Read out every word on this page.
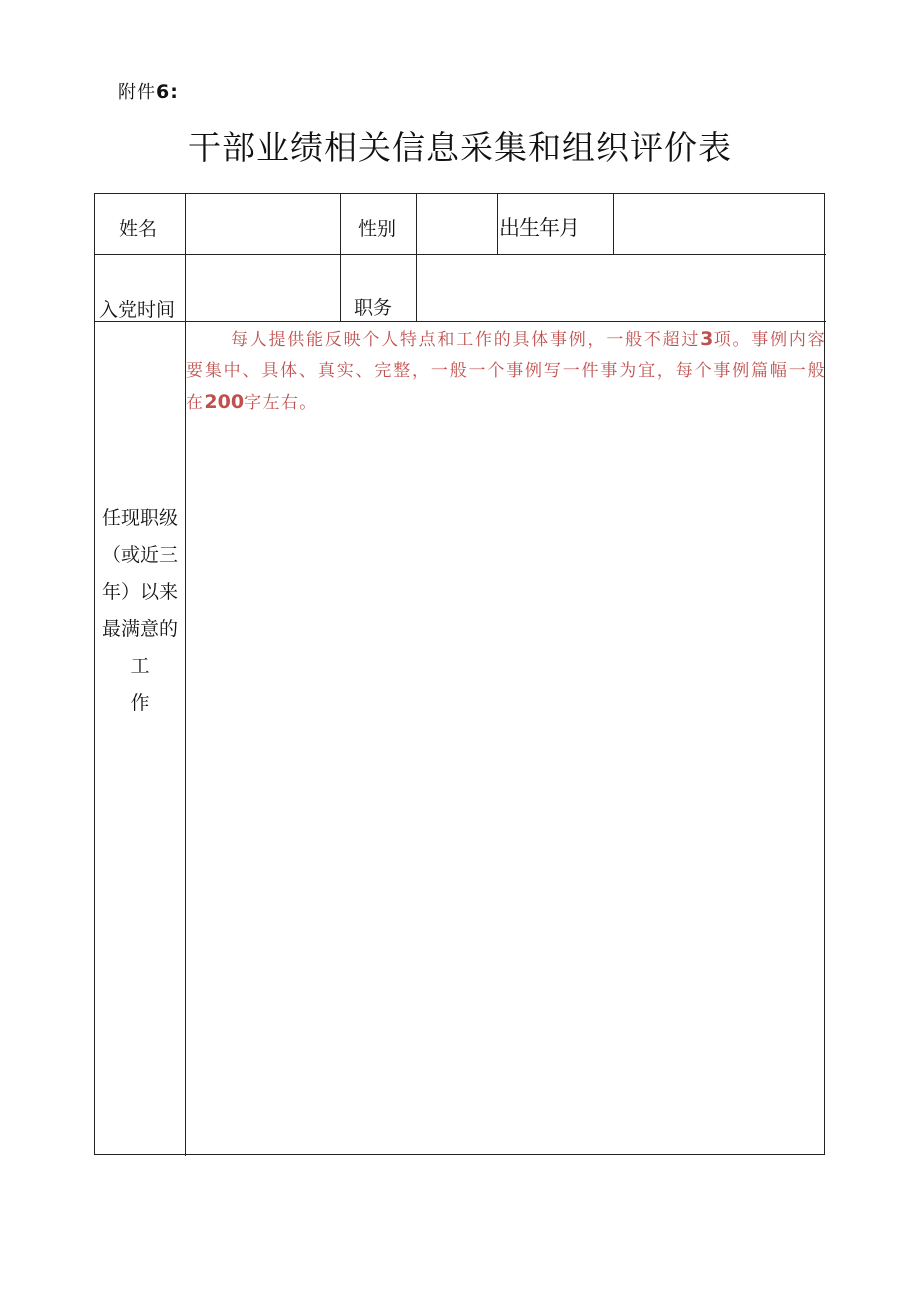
附件6:
干部业绩相关信息采集和组织评价表
姓名	性别	出生年月
入党时间	职务
任现职级
（或近三
年）以来
最满意的
工
作
每人提供能反映个人特点和工作的具体事例，一般不超过3项。事例内容要集中、具体、真实、完整，一般一个事例写一件事为宜，每个事例篇幅一般在200字左右。
